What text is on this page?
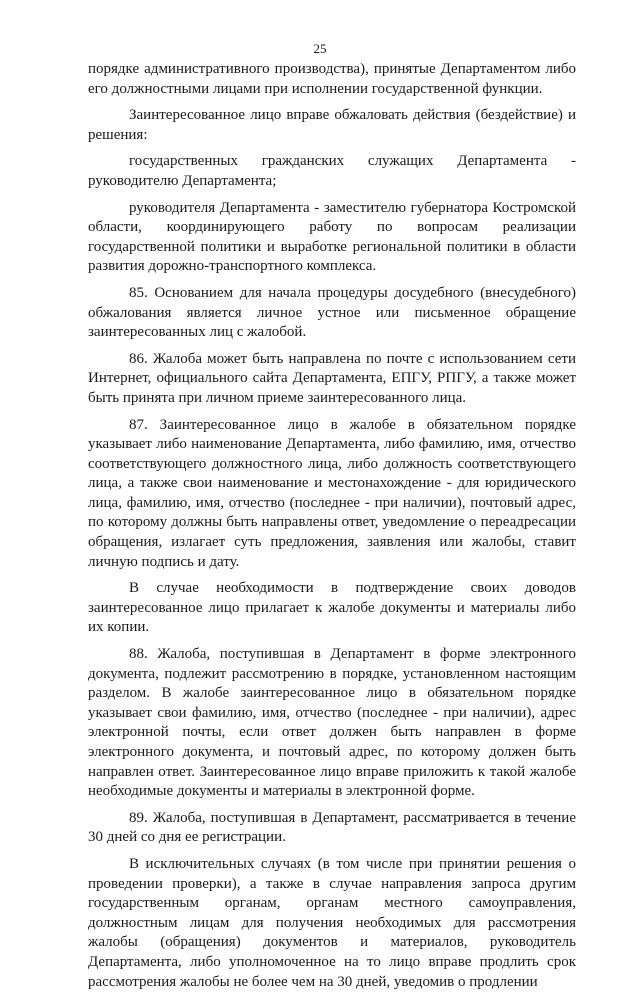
25

порядке административного производства), принятые Департаментом либо его должностными лицами при исполнении государственной функции.

Заинтересованное лицо вправе обжаловать действия (бездействие) и решения:

государственных гражданских служащих Департамента - руководителю Департамента;

руководителя Департамента - заместителю губернатора Костромской области, координирующего работу по вопросам реализации государственной политики и выработке региональной политики в области развития дорожно-транспортного комплекса.

85. Основанием для начала процедуры досудебного (внесудебного) обжалования является личное устное или письменное обращение заинтересованных лиц с жалобой.

86. Жалоба может быть направлена по почте с использованием сети Интернет, официального сайта Департамента, ЕПГУ, РПГУ, а также может быть принята при личном приеме заинтересованного лица.

87. Заинтересованное лицо в жалобе в обязательном порядке указывает либо наименование Департамента, либо фамилию, имя, отчество соответствующего должностного лица, либо должность соответствующего лица, а также свои наименование и местонахождение - для юридического лица, фамилию, имя, отчество (последнее - при наличии), почтовый адрес, по которому должны быть направлены ответ, уведомление о переадресации обращения, излагает суть предложения, заявления или жалобы, ставит личную подпись и дату.

В случае необходимости в подтверждение своих доводов заинтересованное лицо прилагает к жалобе документы и материалы либо их копии.

88. Жалоба, поступившая в Департамент в форме электронного документа, подлежит рассмотрению в порядке, установленном настоящим разделом. В жалобе заинтересованное лицо в обязательном порядке указывает свои фамилию, имя, отчество (последнее - при наличии), адрес электронной почты, если ответ должен быть направлен в форме электронного документа, и почтовый адрес, по которому должен быть направлен ответ. Заинтересованное лицо вправе приложить к такой жалобе необходимые документы и материалы в электронной форме.

89. Жалоба, поступившая в Департамент, рассматривается в течение 30 дней со дня ее регистрации.

В исключительных случаях (в том числе при принятии решения о проведении проверки), а также в случае направления запроса другим государственным органам, органам местного самоуправления, должностным лицам для получения необходимых для рассмотрения жалобы (обращения) документов и материалов, руководитель Департамента, либо уполномоченное на то лицо вправе продлить срок рассмотрения жалобы не более чем на 30 дней, уведомив о продлении
